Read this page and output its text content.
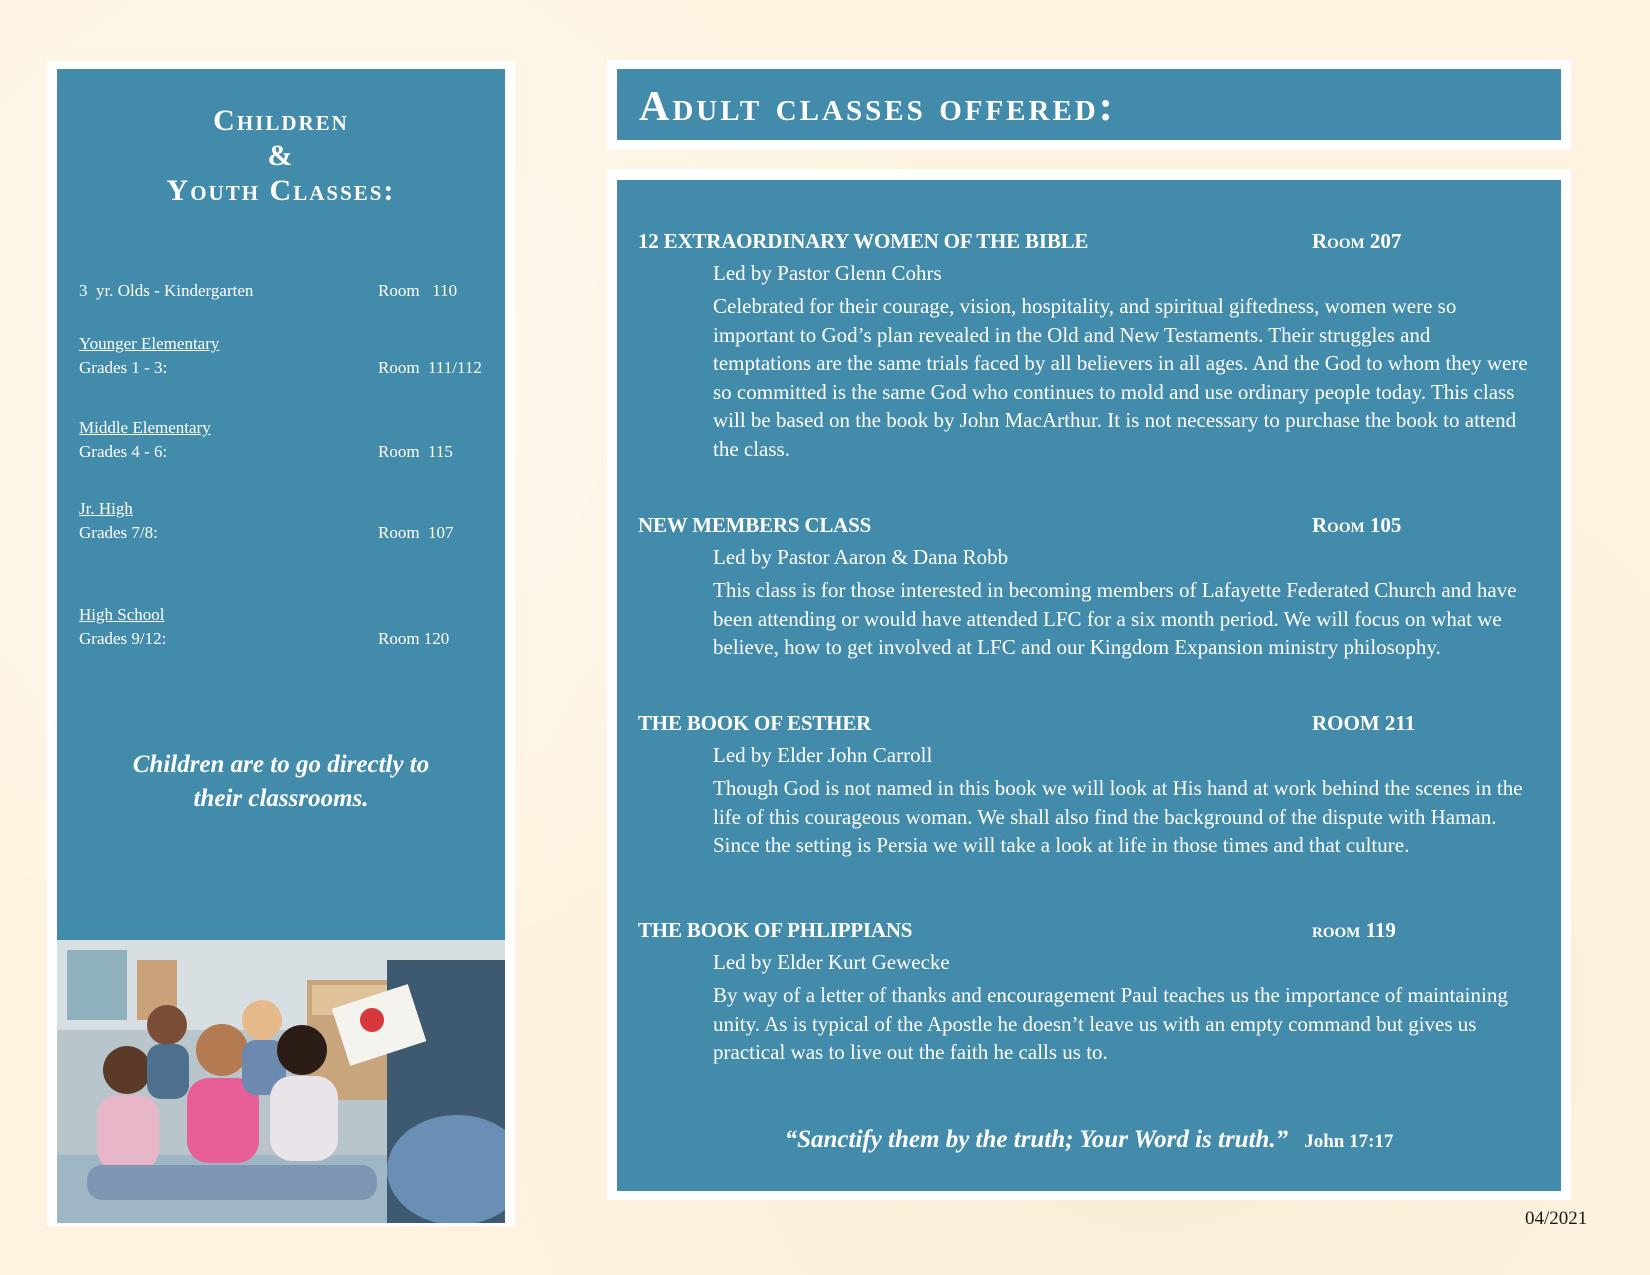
Children
&
Youth Classes:
3  yr. Olds - Kindergarten	Room   110
Younger Elementary
Grades 1 - 3:	Room  111/112
Middle Elementary
Grades 4 - 6:	Room  115
Jr. High
Grades 7/8:	Room  107
High School
Grades 9/12:	Room 120
Children are to go directly to
their classrooms.
Adult classes offered:
12 EXTRAORDINARY WOMEN OF THE BIBLE	Room 207
Led by Pastor Glenn Cohrs
Celebrated for their courage, vision, hospitality, and spiritual giftedness, women were so important to God’s plan revealed in the Old and New Testaments. Their struggles and temptations are the same trials faced by all believers in all ages. And the God to whom they were so committed is the same God who continues to mold and use ordinary people today. This class will be based on the book by John MacArthur. It is not necessary to purchase the book to attend the class.
NEW MEMBERS CLASS	Room 105
Led by Pastor Aaron & Dana Robb
This class is for those interested in becoming members of Lafayette Federated Church and have been attending or would have attended LFC for a six month period. We will focus on what we believe, how to get involved at LFC and our Kingdom Expansion ministry philosophy.
THE BOOK OF ESTHER	ROOM 211
Led by Elder John Carroll
Though God is not named in this book we will look at His hand at work behind the scenes in the life of this courageous woman. We shall also find the background of the dispute with Haman. Since the setting is Persia we will take a look at life in those times and that culture.
THE BOOK OF PHLIPPIANS	room 119
Led by Elder Kurt Gewecke
By way of a letter of thanks and encouragement Paul teaches us the importance of maintaining unity. As is typical of the Apostle he doesn’t leave us with an empty command but gives us practical was to live out the faith he calls us to.
“Sanctify them by the truth; Your Word is truth.” John 17:17
04/2021
